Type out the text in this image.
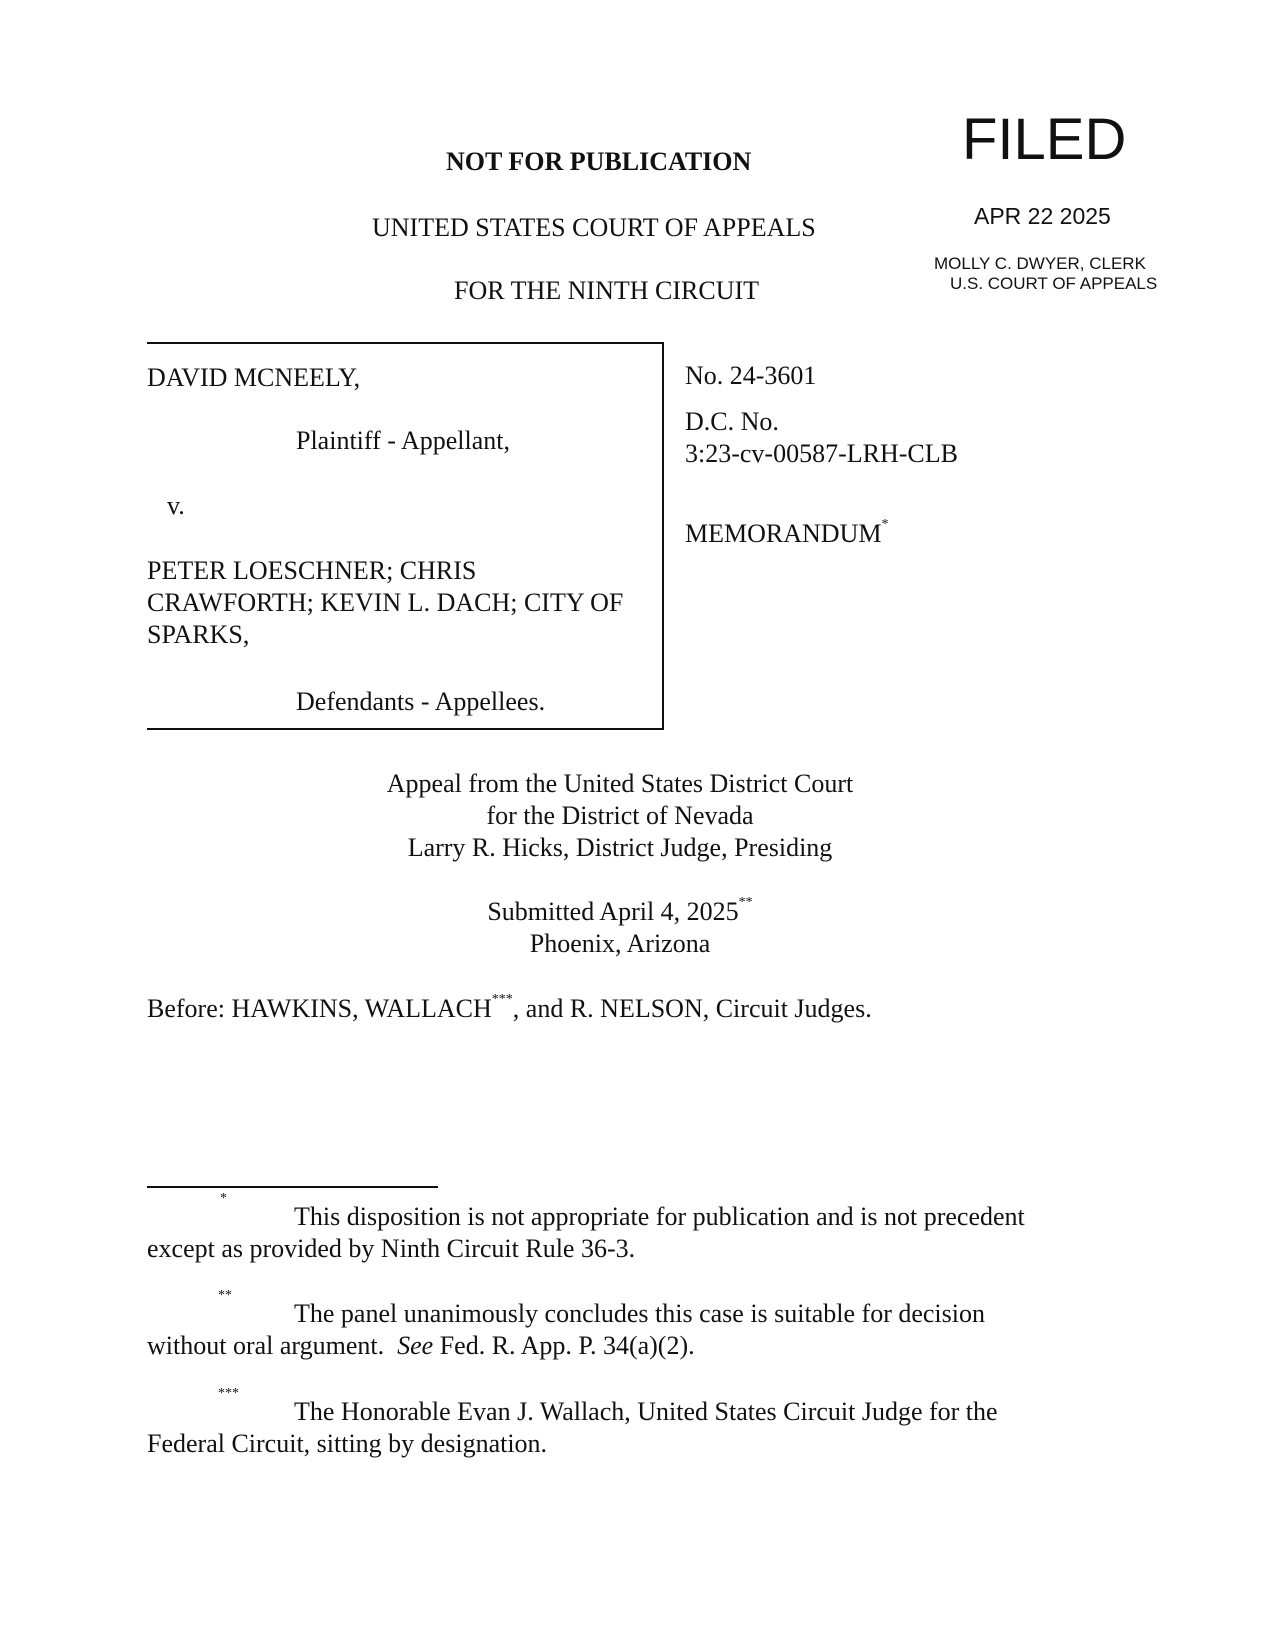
NOT FOR PUBLICATION
UNITED STATES COURT OF APPEALS
FOR THE NINTH CIRCUIT
FILED
APR 22 2025
MOLLY C. DWYER, CLERK
U.S. COURT OF APPEALS
DAVID MCNEELY,
Plaintiff - Appellant,
v.
PETER LOESCHNER; CHRIS CRAWFORTH; KEVIN L. DACH; CITY OF SPARKS,
Defendants - Appellees.
No. 24-3601
D.C. No.
3:23-cv-00587-LRH-CLB
MEMORANDUM*
Appeal from the United States District Court
for the District of Nevada
Larry R. Hicks, District Judge, Presiding
Submitted April 4, 2025**
Phoenix, Arizona
Before: HAWKINS, WALLACH***, and R. NELSON, Circuit Judges.
*
This disposition is not appropriate for publication and is not precedent
except as provided by Ninth Circuit Rule 36-3.
**
The panel unanimously concludes this case is suitable for decision
without oral argument.  See Fed. R. App. P. 34(a)(2).
***
The Honorable Evan J. Wallach, United States Circuit Judge for the
Federal Circuit, sitting by designation.
